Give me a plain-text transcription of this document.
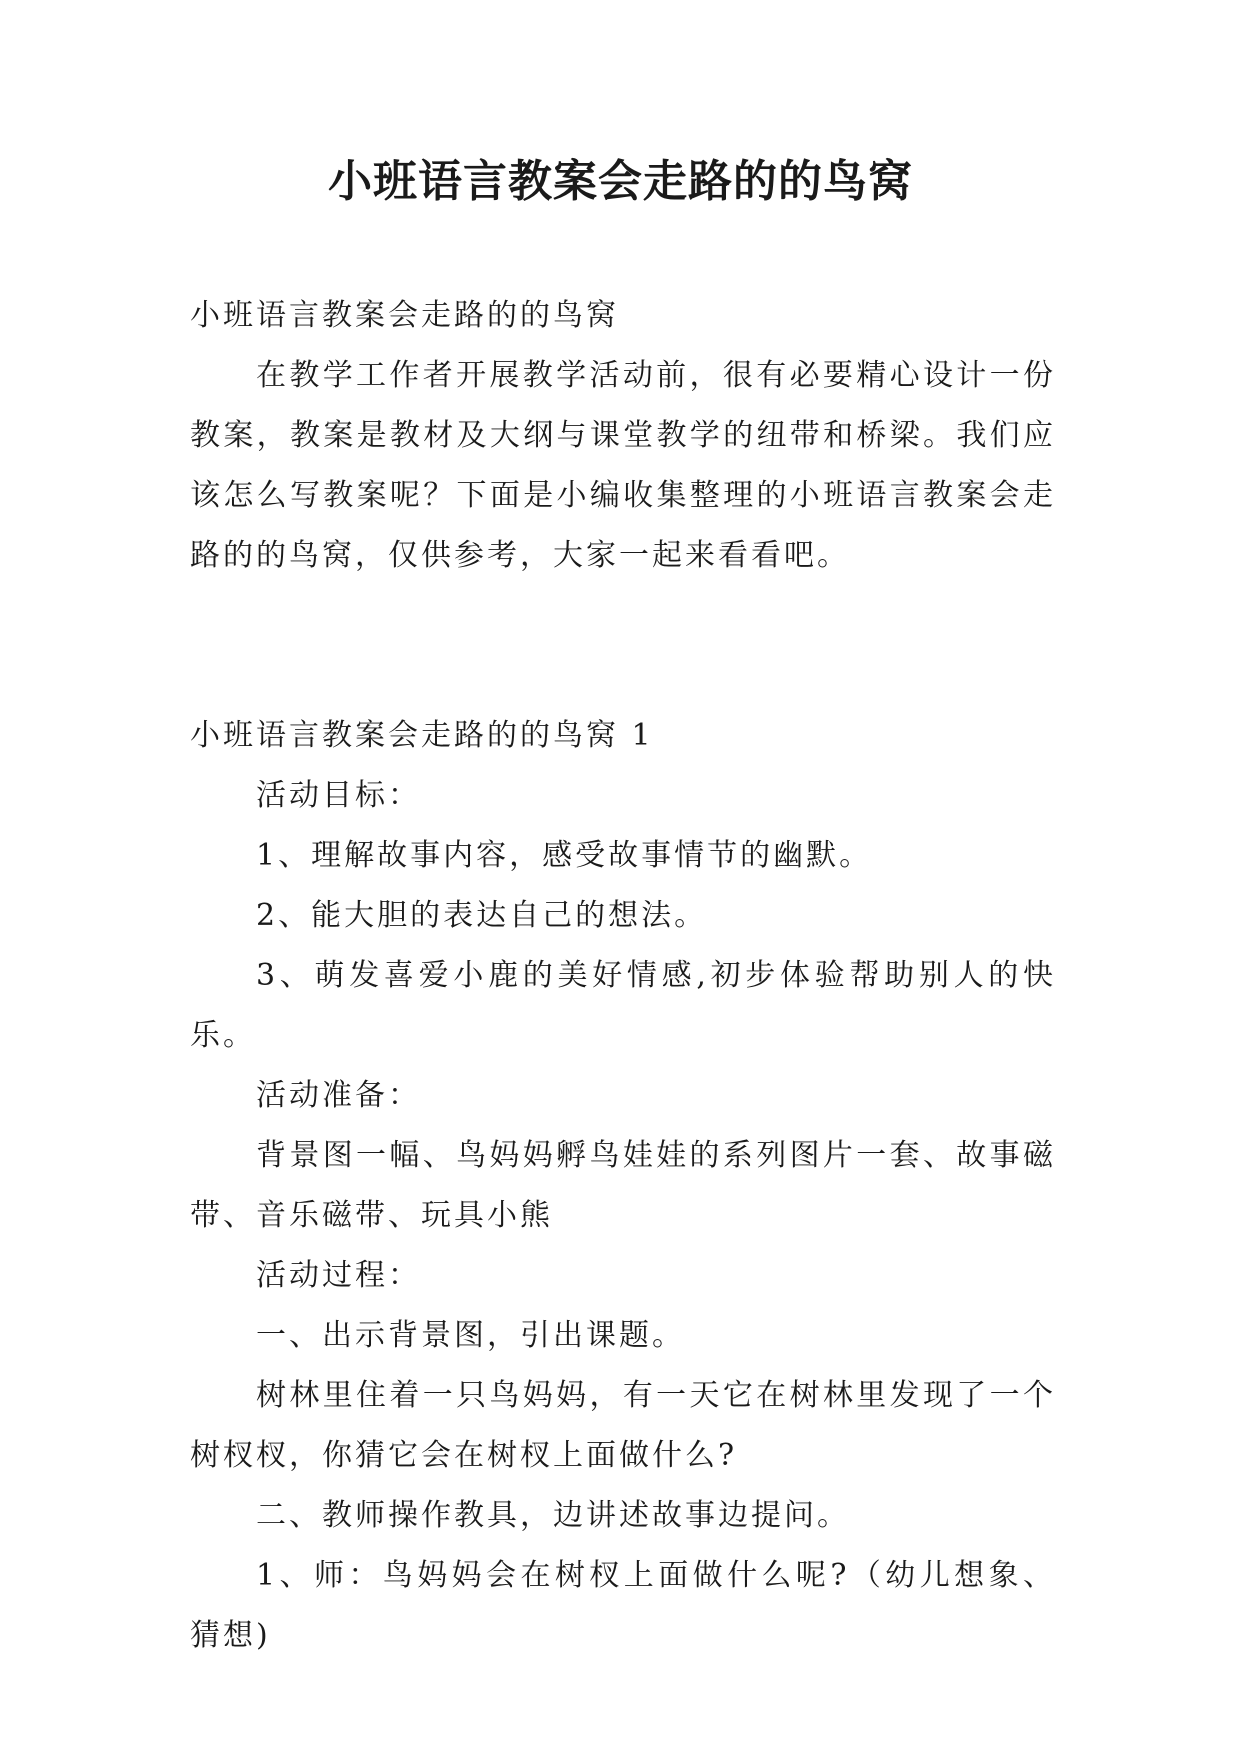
小班语言教案会走路的的鸟窝

小班语言教案会走路的的鸟窝

在教学工作者开展教学活动前，很有必要精心设计一份教案，教案是教材及大纲与课堂教学的纽带和桥梁。我们应该怎么写教案呢？下面是小编收集整理的小班语言教案会走路的的鸟窝，仅供参考，大家一起来看看吧。

小班语言教案会走路的的鸟窝 1

活动目标：

1、理解故事内容，感受故事情节的幽默。

2、能大胆的表达自己的想法。

3、萌发喜爱小鹿的美好情感,初步体验帮助别人的快乐。

活动准备：

背景图一幅、鸟妈妈孵鸟娃娃的系列图片一套、故事磁带、音乐磁带、玩具小熊

活动过程：

一、出示背景图，引出课题。

树林里住着一只鸟妈妈，有一天它在树林里发现了一个树杈杈，你猜它会在树杈上面做什么?

二、教师操作教具，边讲述故事边提问。

1、师：鸟妈妈会在树杈上面做什么呢?（幼儿想象、猜想)
